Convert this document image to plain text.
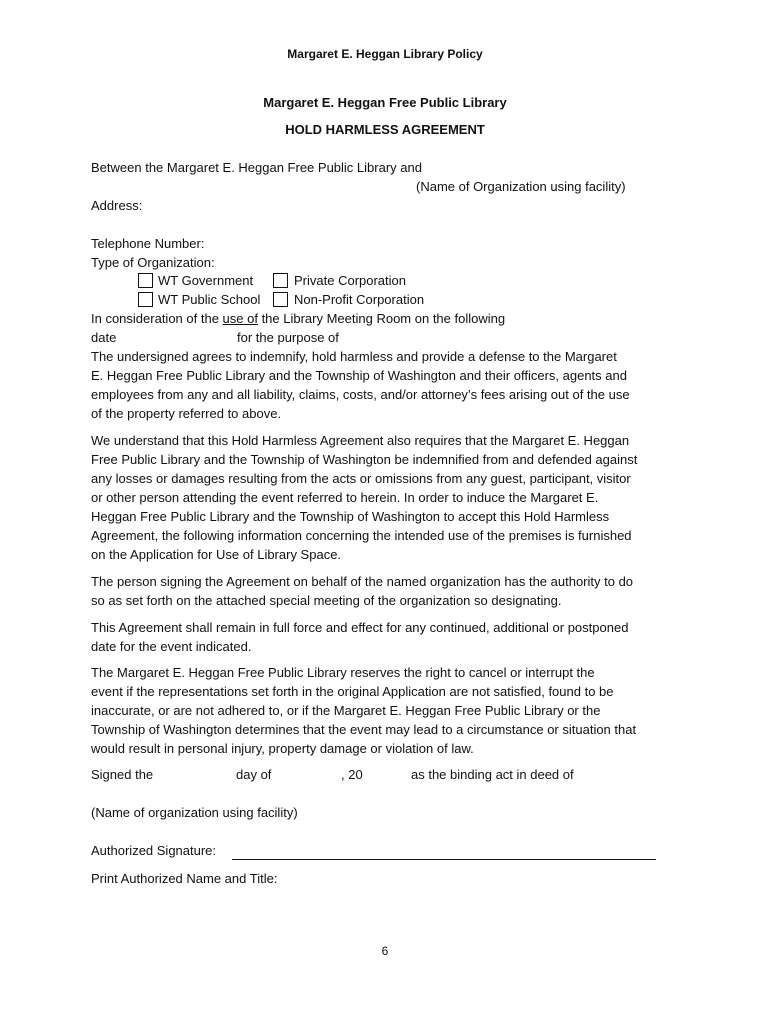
Margaret E. Heggan Library Policy
Margaret E. Heggan Free Public Library
HOLD HARMLESS AGREEMENT
Between the Margaret E. Heggan Free Public Library and
(Name of Organization using facility)
Address:
Telephone Number:
Type of Organization:
WT Government	Private Corporation
WT Public School	Non-Profit Corporation
In consideration of the use of the Library Meeting Room on the following
date	for the purpose of
The undersigned agrees to indemnify, hold harmless and provide a defense to the Margaret
E. Heggan Free Public Library and the Township of Washington and their officers, agents and
employees from any and all liability, claims, costs, and/or attorney’s fees arising out of the use
of the property referred to above.
We understand that this Hold Harmless Agreement also requires that the Margaret E. Heggan
Free Public Library and the Township of Washington be indemnified from and defended against
any losses or damages resulting from the acts or omissions from any guest, participant, visitor
or other person attending the event referred to herein. In order to induce the Margaret E.
Heggan Free Public Library and the Township of Washington to accept this Hold Harmless
Agreement, the following information concerning the intended use of the premises is furnished
on the Application for Use of Library Space.
The person signing the Agreement on behalf of the named organization has the authority to do
so as set forth on the attached special meeting of the organization so designating.
This Agreement shall remain in full force and effect for any continued, additional or postponed
date for the event indicated.
The Margaret E. Heggan Free Public Library reserves the right to cancel or interrupt the
event if the representations set forth in the original Application are not satisfied, found to be
inaccurate, or are not adhered to, or if the Margaret E. Heggan Free Public Library or the
Township of Washington determines that the event may lead to a circumstance or situation that
would result in personal injury, property damage or violation of law.
Signed the	day of	, 20	as the binding act in deed of
(Name of organization using facility)
Authorized Signature:
Print Authorized Name and Title:
6
